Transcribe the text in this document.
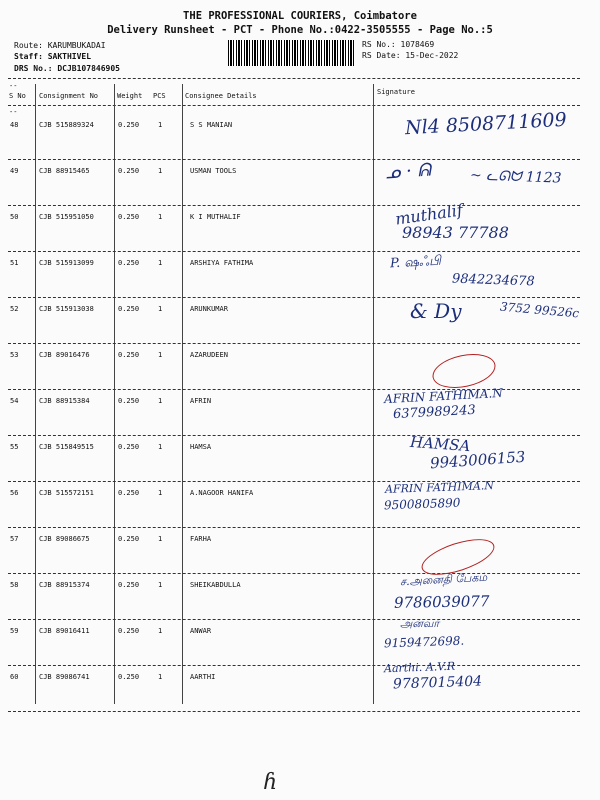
THE PROFESSIONAL COURIERS, Coimbatore
Delivery Runsheet - PCT - Phone No.:0422-3505555 - Page No.:5
Route: KARUMBUKADAI
Staff: SAKTHIVEL
DRS No.: DCJB107846905
RS No.: 1078469
RS Date: 15-Dec-2022
--
--
S No Consignment No	Weight PCS	Consignee Details	Signature
48	CJB 515889324	0.250	1	S S MANIAN	Nl4 8508711609
49	CJB 88915465	0.250	1	USMAN TOOLS	ᓄ · ᕱ	~ ᓚᘏᗢ 1123
50	CJB 515951050	0.250	1	K I MUTHALIF	muthalif
98943 77788
51	CJB 515913099	0.250	1	ARSHIYA FATHIMA	P. ஷஃபி
9842234678
52	CJB 515913038	0.250	1	ARUNKUMAR	& Dy	3752 99526c
53	CJB 89016476	0.250	1	AZARUDEEN
54	CJB 88915384	0.250	1	AFRIN	AFRIN FATHIMA.N
6379989243
55	CJB 515849515	0.250	1	HAMSA	HAMSA
9943006153
56	CJB 515572151	0.250	1	A.NAGOOR HANIFA	AFRIN FATHIMA.N
9500805890
57	CJB 89086675	0.250	1	FARHA
58	CJB 88915374	0.250	1	SHEIKABDULLA	ச.அனைதி பேகம்
9786039077
59	CJB 89016411	0.250	1	ANWAR
அன்வர்
9159472698.
60	CJB 89086741	0.250	1	AARTHI
Aarthi. A.V.R
9787015404
ɦ
